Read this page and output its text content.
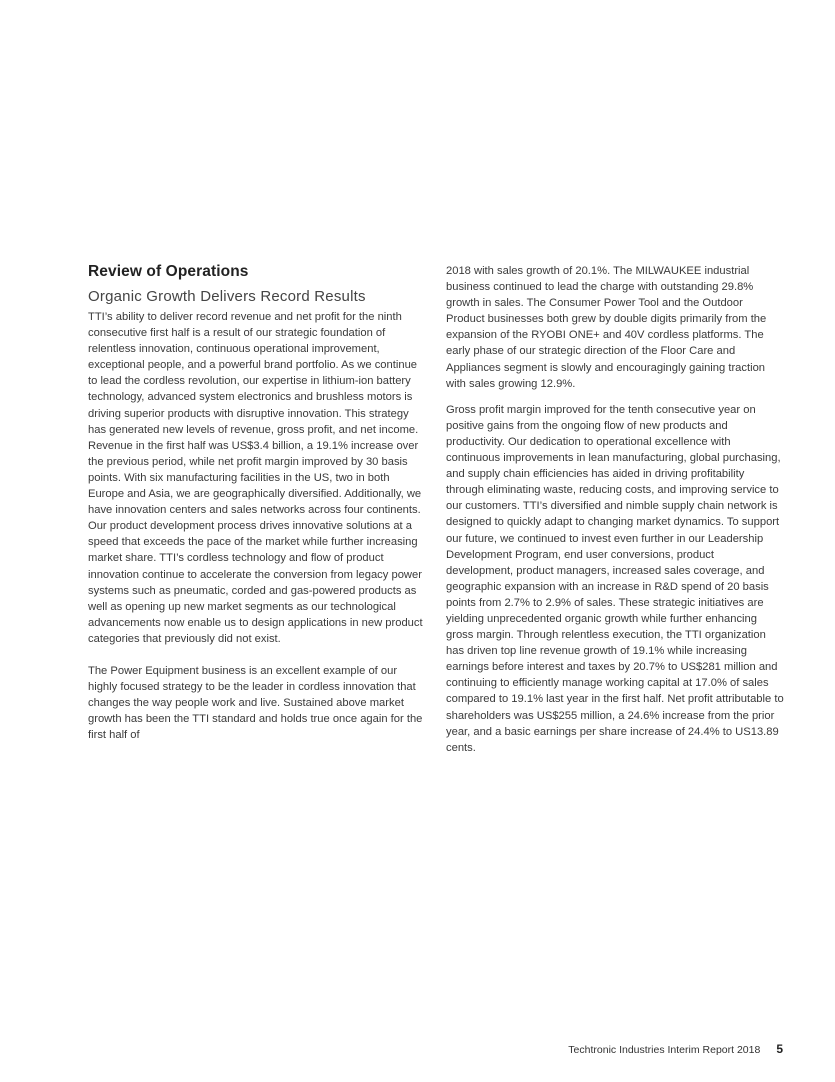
Review of Operations
Organic Growth Delivers Record Results

TTI’s ability to deliver record revenue and net profit for the ninth consecutive first half is a result of our strategic foundation of relentless innovation, continuous operational improvement, exceptional people, and a powerful brand portfolio. As we continue to lead the cordless revolution, our expertise in lithium-ion battery technology, advanced system electronics and brushless motors is driving superior products with disruptive innovation. This strategy has generated new levels of revenue, gross profit, and net income. Revenue in the first half was US$3.4 billion, a 19.1% increase over the previous period, while net profit margin improved by 30 basis points. With six manufacturing facilities in the US, two in both Europe and Asia, we are geographically diversified. Additionally, we have innovation centers and sales networks across four continents. Our product development process drives innovative solutions at a speed that exceeds the pace of the market while further increasing market share. TTI’s cordless technology and flow of product innovation continue to accelerate the conversion from legacy power systems such as pneumatic, corded and gas-powered products as well as opening up new market segments as our technological advancements now enable us to design applications in new product categories that previously did not exist.

The Power Equipment business is an excellent example of our highly focused strategy to be the leader in cordless innovation that changes the way people work and live. Sustained above market growth has been the TTI standard and holds true once again for the first half of

2018 with sales growth of 20.1%. The MILWAUKEE industrial business continued to lead the charge with outstanding 29.8% growth in sales. The Consumer Power Tool and the Outdoor Product businesses both grew by double digits primarily from the expansion of the RYOBI ONE+ and 40V cordless platforms. The early phase of our strategic direction of the Floor Care and Appliances segment is slowly and encouragingly gaining traction with sales growing 12.9%.

Gross profit margin improved for the tenth consecutive year on positive gains from the ongoing flow of new products and productivity. Our dedication to operational excellence with continuous improvements in lean manufacturing, global purchasing, and supply chain efficiencies has aided in driving profitability through eliminating waste, reducing costs, and improving service to our customers. TTI’s diversified and nimble supply chain network is designed to quickly adapt to changing market dynamics. To support our future, we continued to invest even further in our Leadership Development Program, end user conversions, product development, product managers, increased sales coverage, and geographic expansion with an increase in R&D spend of 20 basis points from 2.7% to 2.9% of sales. These strategic initiatives are yielding unprecedented organic growth while further enhancing gross margin. Through relentless execution, the TTI organization has driven top line revenue growth of 19.1% while increasing earnings before interest and taxes by 20.7% to US$281 million and continuing to efficiently manage working capital at 17.0% of sales compared to 19.1% last year in the first half. Net profit attributable to shareholders was US$255 million, a 24.6% increase from the prior year, and a basic earnings per share increase of 24.4% to US13.89 cents.

Techtronic Industries Interim Report 2018 5
